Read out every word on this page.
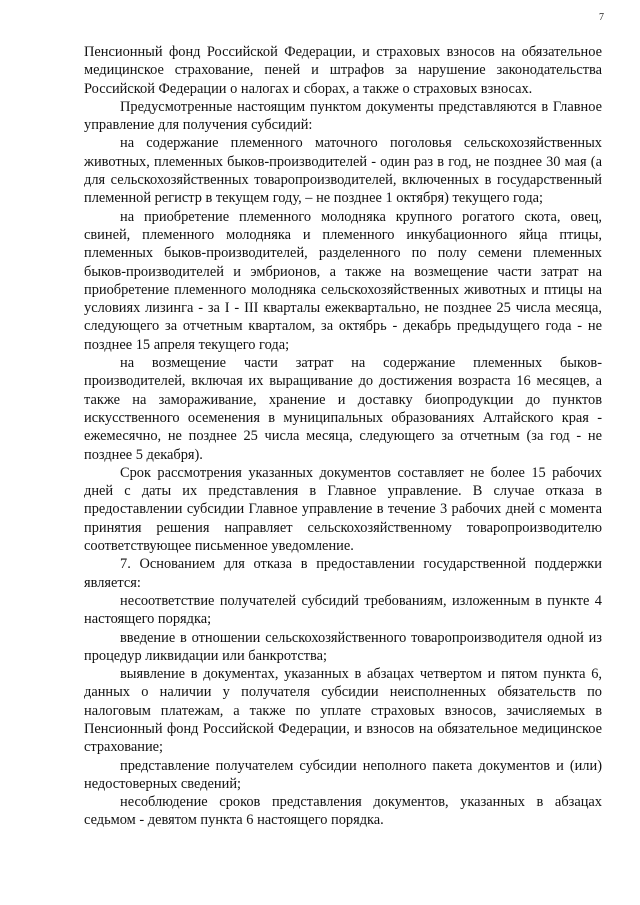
7

Пенсионный фонд Российской Федерации, и страховых взносов на обязательное медицинское страхование, пеней и штрафов за нарушение законодательства Российской Федерации о налогах и сборах, а также о страховых взносах.

Предусмотренные настоящим пунктом документы представляются в Главное управление для получения субсидий:

на содержание племенного маточного поголовья сельскохозяйственных животных, племенных быков-производителей - один раз в год, не позднее 30 мая (а для сельскохозяйственных товаропроизводителей, включенных в государственный племенной регистр в текущем году, – не позднее 1 октября) текущего года;

на приобретение племенного молодняка крупного рогатого скота, овец, свиней, племенного молодняка и племенного инкубационного яйца птицы, племенных быков-производителей, разделенного по полу семени племенных быков-производителей и эмбрионов, а также на возмещение части затрат на приобретение племенного молодняка сельскохозяйственных животных и птицы на условиях лизинга - за I - III кварталы ежеквартально, не позднее 25 числа месяца, следующего за отчетным кварталом, за октябрь - декабрь предыдущего года - не позднее 15 апреля текущего года;

на возмещение части затрат на содержание племенных быков-производителей, включая их выращивание до достижения возраста 16 месяцев, а также на замораживание, хранение и доставку биопродукции до пунктов искусственного осеменения в муниципальных образованиях Алтайского края - ежемесячно, не позднее 25 числа месяца, следующего за отчетным (за год - не позднее 5 декабря).

Срок рассмотрения указанных документов составляет не более 15 рабочих дней с даты их представления в Главное управление. В случае отказа в предоставлении субсидии Главное управление в течение 3 рабочих дней с момента принятия решения направляет сельскохозяйственному товаропроизводителю соответствующее письменное уведомление.

7. Основанием для отказа в предоставлении государственной поддержки является:

несоответствие получателей субсидий требованиям, изложенным в пункте 4 настоящего порядка;

введение в отношении сельскохозяйственного товаропроизводителя одной из процедур ликвидации или банкротства;

выявление в документах, указанных в абзацах четвертом и пятом пункта 6, данных о наличии у получателя субсидии неисполненных обязательств по налоговым платежам, а также по уплате страховых взносов, зачисляемых в Пенсионный фонд Российской Федерации, и взносов на обязательное медицинское страхование;

представление получателем субсидии неполного пакета документов и (или) недостоверных сведений;

несоблюдение сроков представления документов, указанных в абзацах седьмом - девятом пункта 6 настоящего порядка.
